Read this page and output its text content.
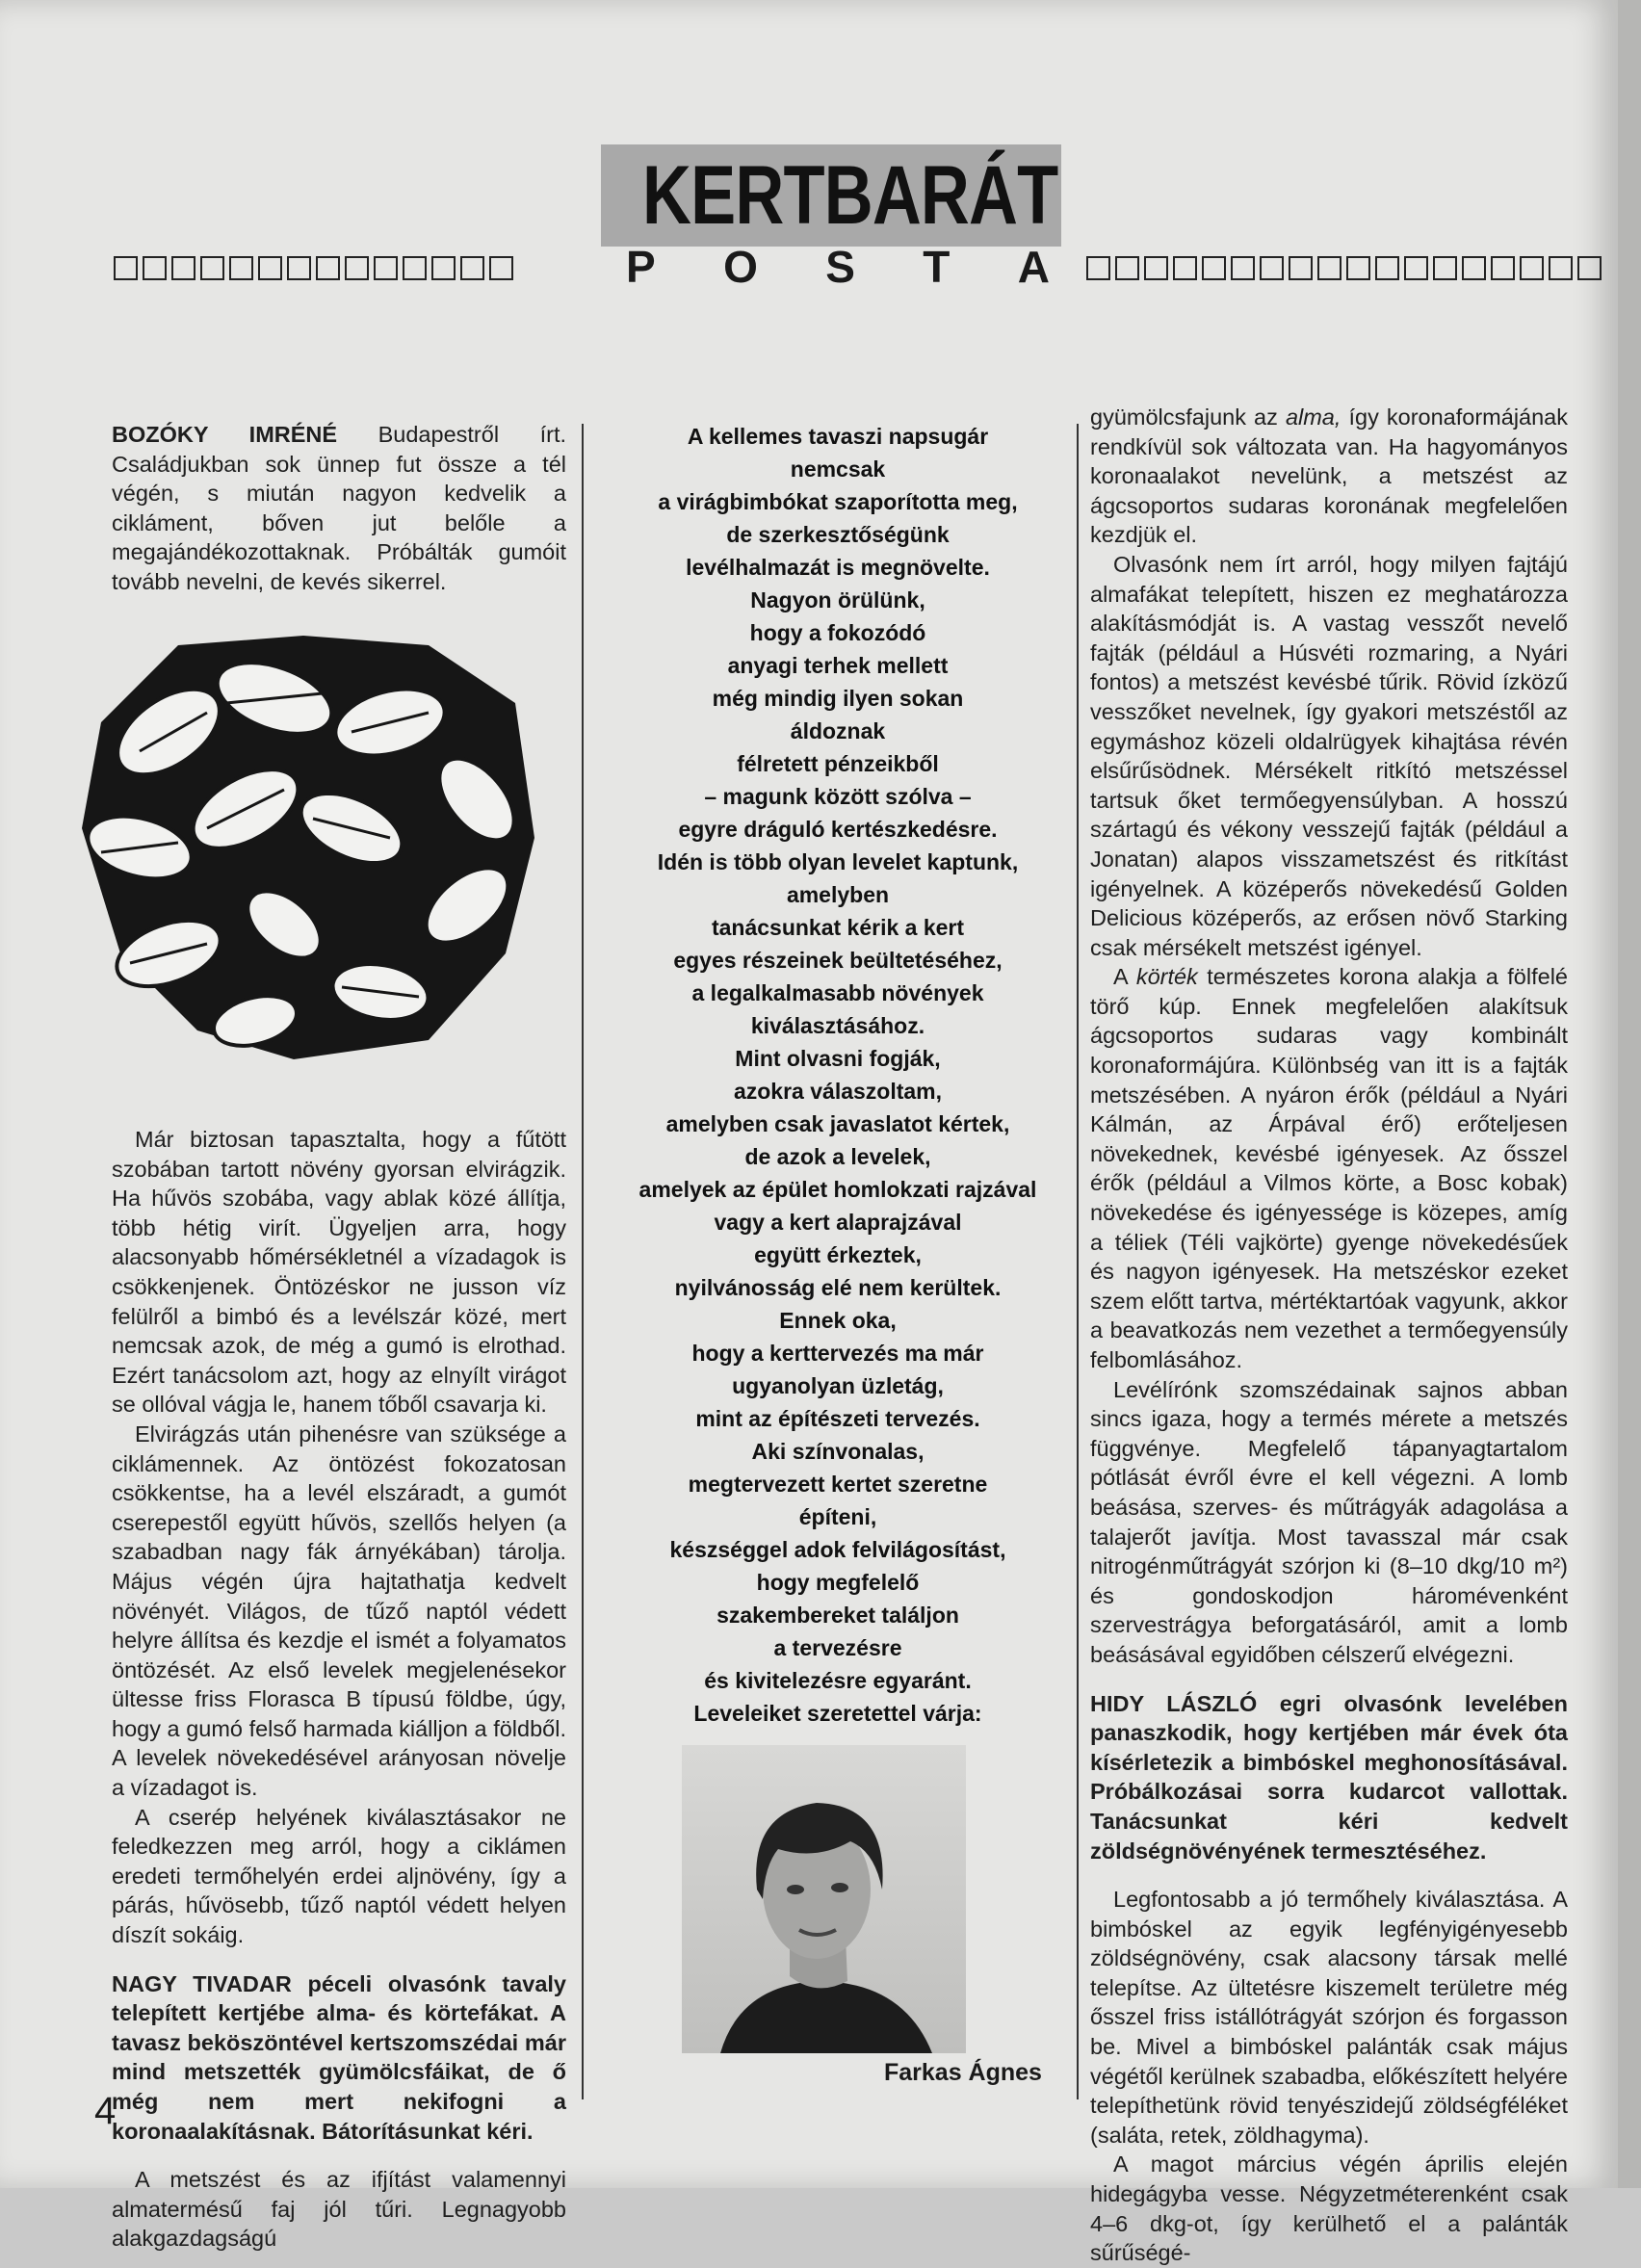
KERTBARÁT
P O S T A

BOZÓKY IMRÉNÉ Budapestről írt. Családjukban sok ünnep fut össze a tél végén, s miután nagyon kedvelik a cikláment, bőven jut belőle a megajándékozottaknak. Próbálták gumóit tovább nevelni, de kevés sikerrel.

Már biztosan tapasztalta, hogy a fűtött szobában tartott növény gyorsan elvirágzik. Ha hűvös szobába, vagy ablak közé állítja, több hétig virít. Ügyeljen arra, hogy alacsonyabb hőmérsékletnél a vízadagok is csökkenjenek. Öntözéskor ne jusson víz felülről a bimbó és a levélszár közé, mert nemcsak azok, de még a gumó is elrothad. Ezért tanácsolom azt, hogy az elnyílt virágot se ollóval vágja le, hanem tőből csavarja ki.

Elvirágzás után pihenésre van szüksége a ciklámennek. Az öntözést fokozatosan csökkentse, ha a levél elszáradt, a gumót cserepestől együtt hűvös, szellős helyen (a szabadban nagy fák árnyékában) tárolja. Május végén újra hajtathatja kedvelt növényét. Világos, de tűző naptól védett helyre állítsa és kezdje el ismét a folyamatos öntözését. Az első levelek megjelenésekor ültesse friss Florasca B típusú földbe, úgy, hogy a gumó felső harmada kiálljon a földből. A levelek növekedésével arányosan növelje a vízadagot is.

A cserép helyének kiválasztásakor ne feledkezzen meg arról, hogy a ciklámen eredeti termőhelyén erdei aljnövény, így a párás, hűvösebb, tűző naptól védett helyen díszít sokáig.

NAGY TIVADAR péceli olvasónk tavaly telepített kertjébe alma- és körtefákat. A tavasz beköszöntével kertszomszédai már mind metszették gyümölcsfáikat, de ő még nem mert nekifogni a koronaalakításnak. Bátorításunkat kéri.

A metszést és az ifjítást valamennyi almatermésű faj jól tűri. Legnagyobb alakgazdagságú

A kellemes tavaszi napsugár
nemcsak
a virágbimbókat szaporította meg,
de szerkesztőségünk
levélhalmazát is megnövelte.
Nagyon örülünk,
hogy a fokozódó
anyagi terhek mellett
még mindig ilyen sokan
áldoznak
félretett pénzeikből
– magunk között szólva –
egyre dráguló kertészkedésre.
Idén is több olyan levelet kaptunk,
amelyben
tanácsunkat kérik a kert
egyes részeinek beültetéséhez,
a legalkalmasabb növények
kiválasztásához.
Mint olvasni fogják,
azokra válaszoltam,
amelyben csak javaslatot kértek,
de azok a levelek,
amelyek az épület homlokzati rajzával
vagy a kert alaprajzával
együtt érkeztek,
nyilvánosság elé nem kerültek.
Ennek oka,
hogy a kerttervezés ma már
ugyanolyan üzletág,
mint az építészeti tervezés.
Aki színvonalas,
megtervezett kertet szeretne
építeni,
készséggel adok felvilágosítást,
hogy megfelelő
szakembereket találjon
a tervezésre
és kivitelezésre egyaránt.
Leveleiket szeretettel várja:
Farkas Ágnes

gyümölcsfajunk az alma, így koronaformájának rendkívül sok változata van. Ha hagyományos koronaalakot nevelünk, a metszést az ágcsoportos sudaras koronának megfelelően kezdjük el.

Olvasónk nem írt arról, hogy milyen fajtájú almafákat telepített, hiszen ez meghatározza alakításmódját is. A vastag vesszőt nevelő fajták (például a Húsvéti rozmaring, a Nyári fontos) a metszést kevésbé tűrik. Rövid ízközű vesszőket nevelnek, így gyakori metszéstől az egymáshoz közeli oldalrügyek kihajtása révén elsűrűsödnek. Mérsékelt ritkító metszéssel tartsuk őket termőegyensúlyban. A hosszú szártagú és vékony vesszejű fajták (például a Jonatan) alapos visszametszést és ritkítást igényelnek. A középerős növekedésű Golden Delicious középerős, az erősen növő Starking csak mérsékelt metszést igényel.

A körték természetes korona alakja a fölfelé törő kúp. Ennek megfelelően alakítsuk ágcsoportos sudaras vagy kombinált koronaformájúra. Különbség van itt is a fajták metszésében. A nyáron érők (például a Nyári Kálmán, az Árpával érő) erőteljesen növekednek, kevésbé igényesek. Az ősszel érők (például a Vilmos körte, a Bosc kobak) növekedése és igényessége is közepes, amíg a téliek (Téli vajkörte) gyenge növekedésűek és nagyon igényesek. Ha metszéskor ezeket szem előtt tartva, mértéktartóak vagyunk, akkor a beavatkozás nem vezethet a termőegyensúly felbomlásához.

Levélírónk szomszédainak sajnos abban sincs igaza, hogy a termés mérete a metszés függvénye. Megfelelő tápanyagtartalom pótlását évről évre el kell végezni. A lomb beásása, szerves- és műtrágyák adagolása a talajerőt javítja. Most tavasszal már csak nitrogénműtrágyát szórjon ki (8–10 dkg/10 m²) és gondoskodjon háromévenként szervestrágya beforgatásáról, amit a lomb beásásával egyidőben célszerű elvégezni.

HIDY LÁSZLÓ egri olvasónk levelében panaszkodik, hogy kertjében már évek óta kísérletezik a bimbóskel meghonosításával. Próbálkozásai sorra kudarcot vallottak. Tanácsunkat kéri kedvelt zöldségnövényének termesztéséhez.

Legfontosabb a jó termőhely kiválasztása. A bimbóskel az egyik legfényigényesebb zöldségnövény, csak alacsony társak mellé telepítse. Az ültetésre kiszemelt területre még ősszel friss istállótrágyát szórjon és forgasson be. Mivel a bimbóskel palánták csak május végétől kerülnek szabadba, előkészített helyére telepíthetünk rövid tenyészidejű zöldségféléket (saláta, retek, zöldhagyma).

A magot március végén április elején hidegágyba vesse. Négyzetméterenként csak 4–6 dkg-ot, így kerülhető el a palánták sűrűségé-

4
